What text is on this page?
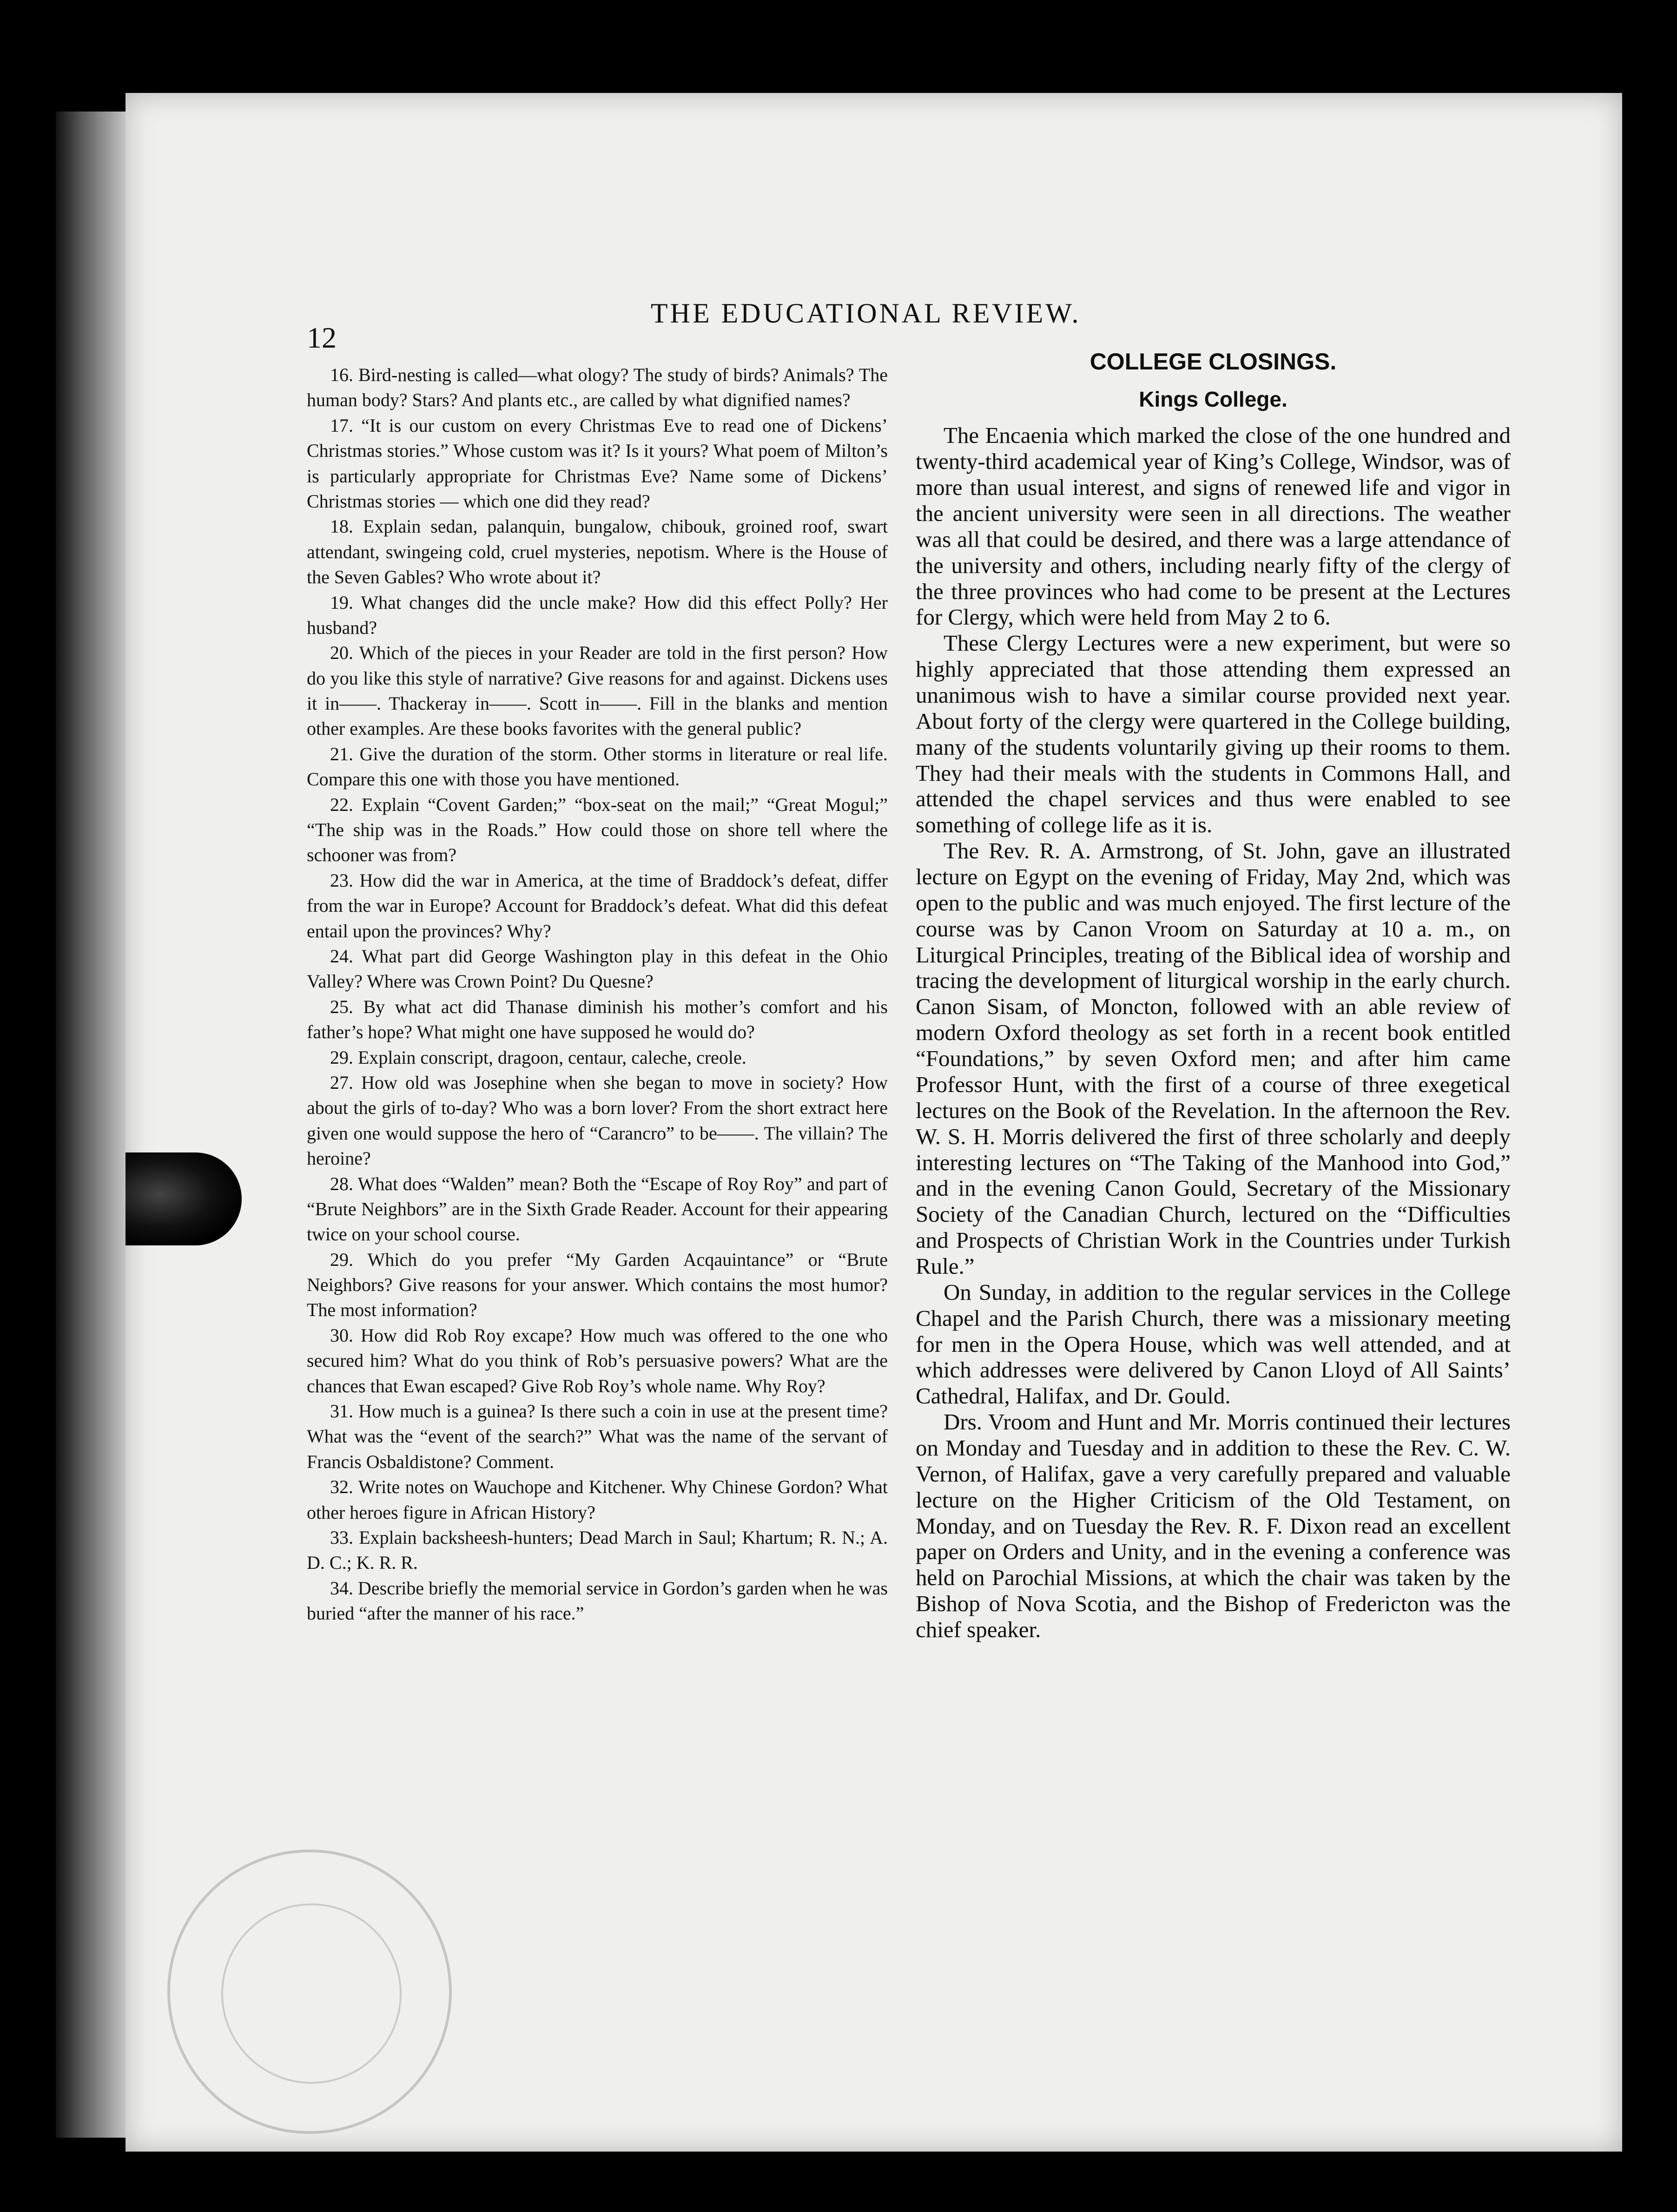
12
THE EDUCATIONAL REVIEW.

16. Bird-nesting is called—what ology? The study of birds? Animals? The human body? Stars? And plants etc., are called by what dignified names?

17. “It is our custom on every Christmas Eve to read one of Dickens’ Christmas stories.” Whose custom was it? Is it yours? What poem of Milton’s is particularly appropriate for Christmas Eve? Name some of Dickens’ Christmas stories — which one did they read?

18. Explain sedan, palanquin, bungalow, chibouk, groined roof, swart attendant, swingeing cold, cruel mysteries, nepotism. Where is the House of the Seven Gables? Who wrote about it?

19. What changes did the uncle make? How did this effect Polly? Her husband?

20. Which of the pieces in your Reader are told in the first person? How do you like this style of narrative? Give reasons for and against. Dickens uses it in——. Thackeray in——. Scott in——. Fill in the blanks and mention other examples. Are these books favorites with the general public?

21. Give the duration of the storm. Other storms in literature or real life. Compare this one with those you have mentioned.

22. Explain “Covent Garden;” “box-seat on the mail;” “Great Mogul;” “The ship was in the Roads.” How could those on shore tell where the schooner was from?

23. How did the war in America, at the time of Braddock’s defeat, differ from the war in Europe? Account for Braddock’s defeat. What did this defeat entail upon the provinces? Why?

24. What part did George Washington play in this defeat in the Ohio Valley? Where was Crown Point? Du Quesne?

25. By what act did Thanase diminish his mother’s comfort and his father’s hope? What might one have supposed he would do?

29. Explain conscript, dragoon, centaur, caleche, creole.

27. How old was Josephine when she began to move in society? How about the girls of to-day? Who was a born lover? From the short extract here given one would suppose the hero of “Carancro” to be——. The villain? The heroine?

28. What does “Walden” mean? Both the “Escape of Roy Roy” and part of “Brute Neighbors” are in the Sixth Grade Reader. Account for their appearing twice on your school course.

29. Which do you prefer “My Garden Acqauintance” or “Brute Neighbors? Give reasons for your answer. Which contains the most humor? The most information?

30. How did Rob Roy excape? How much was offered to the one who secured him? What do you think of Rob’s persuasive powers? What are the chances that Ewan escaped? Give Rob Roy’s whole name. Why Roy?

31. How much is a guinea? Is there such a coin in use at the present time? What was the “event of the search?” What was the name of the servant of Francis Osbaldistone? Comment.

32. Write notes on Wauchope and Kitchener. Why Chinese Gordon? What other heroes figure in African History?

33. Explain backsheesh-hunters; Dead March in Saul; Khartum; R. N.; A. D. C.; K. R. R.

34. Describe briefly the memorial service in Gordon’s garden when he was buried “after the manner of his race.”

COLLEGE CLOSINGS.
Kings College.

The Encaenia which marked the close of the one hundred and twenty-third academical year of King’s College, Windsor, was of more than usual interest, and signs of renewed life and vigor in the ancient university were seen in all directions. The weather was all that could be desired, and there was a large attendance of the university and others, including nearly fifty of the clergy of the three provinces who had come to be present at the Lectures for Clergy, which were held from May 2 to 6.

These Clergy Lectures were a new experiment, but were so highly appreciated that those attending them expressed an unanimous wish to have a similar course provided next year. About forty of the clergy were quartered in the College building, many of the students voluntarily giving up their rooms to them. They had their meals with the students in Commons Hall, and attended the chapel services and thus were enabled to see something of college life as it is.

The Rev. R. A. Armstrong, of St. John, gave an illustrated lecture on Egypt on the evening of Friday, May 2nd, which was open to the public and was much enjoyed. The first lecture of the course was by Canon Vroom on Saturday at 10 a. m., on Liturgical Principles, treating of the Biblical idea of worship and tracing the development of liturgical worship in the early church. Canon Sisam, of Moncton, followed with an able review of modern Oxford theology as set forth in a recent book entitled “Foundations,” by seven Oxford men; and after him came Professor Hunt, with the first of a course of three exegetical lectures on the Book of the Revelation. In the afternoon the Rev. W. S. H. Morris delivered the first of three scholarly and deeply interesting lectures on “The Taking of the Manhood into God,” and in the evening Canon Gould, Secretary of the Missionary Society of the Canadian Church, lectured on the “Difficulties and Prospects of Christian Work in the Countries under Turkish Rule.”

On Sunday, in addition to the regular services in the College Chapel and the Parish Church, there was a missionary meeting for men in the Opera House, which was well attended, and at which addresses were delivered by Canon Lloyd of All Saints’ Cathedral, Halifax, and Dr. Gould.

Drs. Vroom and Hunt and Mr. Morris continued their lectures on Monday and Tuesday and in addition to these the Rev. C. W. Vernon, of Halifax, gave a very carefully prepared and valuable lecture on the Higher Criticism of the Old Testament, on Monday, and on Tuesday the Rev. R. F. Dixon read an excellent paper on Orders and Unity, and in the evening a conference was held on Parochial Missions, at which the chair was taken by the Bishop of Nova Scotia, and the Bishop of Fredericton was the chief speaker.
